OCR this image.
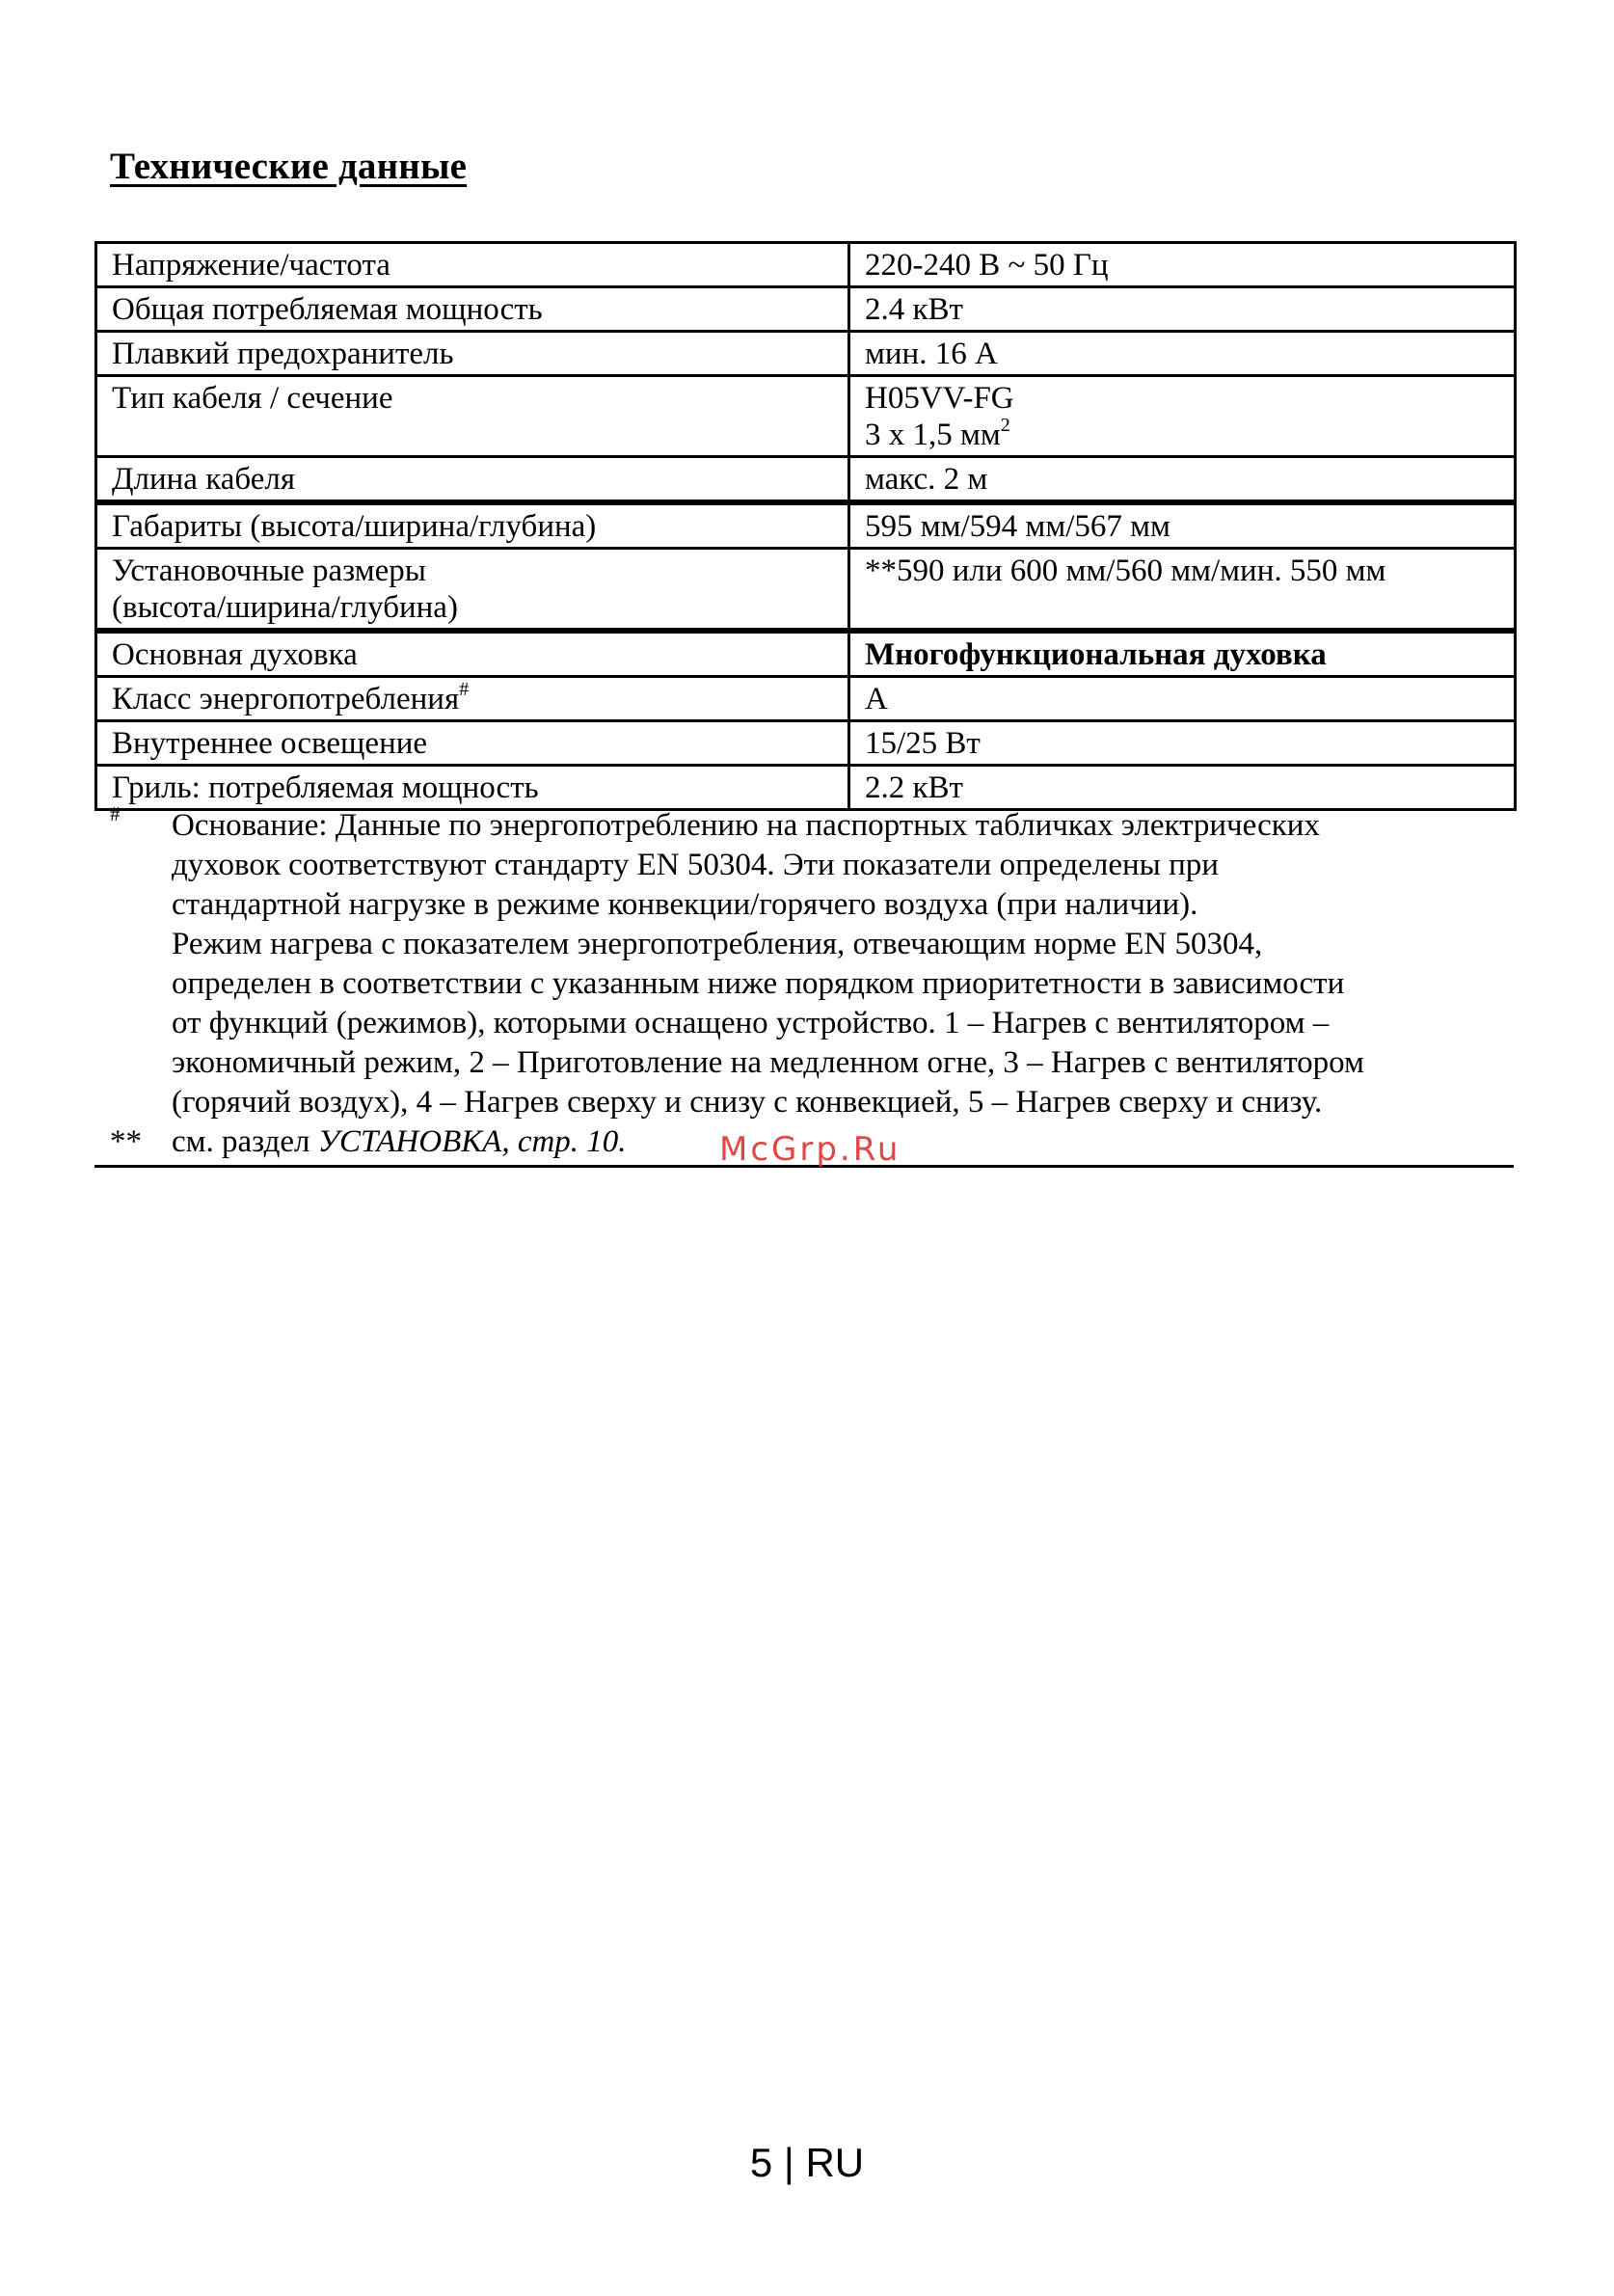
Технические данные
Напряжение/частота	220-240 В ~ 50 Гц
Общая потребляемая мощность	2.4 кВт
Плавкий предохранитель	мин. 16 А
Тип кабеля / сечение	H05VV-FG
3 x 1,5 $мм^2$

Длина кабеля	макс. 2 м
Габариты (высота/ширина/глубина)	595 мм/594 мм/567 мм

Установочные размеры
(высота/ширина/глубина)	**590 или 600 мм/560 мм/мин. 550 мм
Основная духовка	Многофункциональная духовка
Класс энергопотребления#	A
Внутреннее освещение	15/25 Вт
Гриль: потребляемая мощность	2.2 кВт
# Основание: Данные по энергопотреблению на паспортных табличках электрических
духовок соответствуют стандарту EN 50304. Эти показатели определены при
стандартной нагрузке в режиме конвекции/горячего воздуха (при наличии).
Режим нагрева с показателем энергопотребления, отвечающим норме EN 50304,
определен в соответствии с указанным ниже порядком приоритетности в зависимости
от функций (режимов), которыми оснащено устройство. 1 – Нагрев с вентилятором –
экономичный режим, 2 – Приготовление на медленном огне, 3 – Нагрев с вентилятором
(горячий воздух), 4 – Нагрев сверху и снизу с конвекцией, 5 – Нагрев сверху и снизу.
** см. раздел УСТАНОВКА, стр. 10.	McGrp.Ru
5 | RU
